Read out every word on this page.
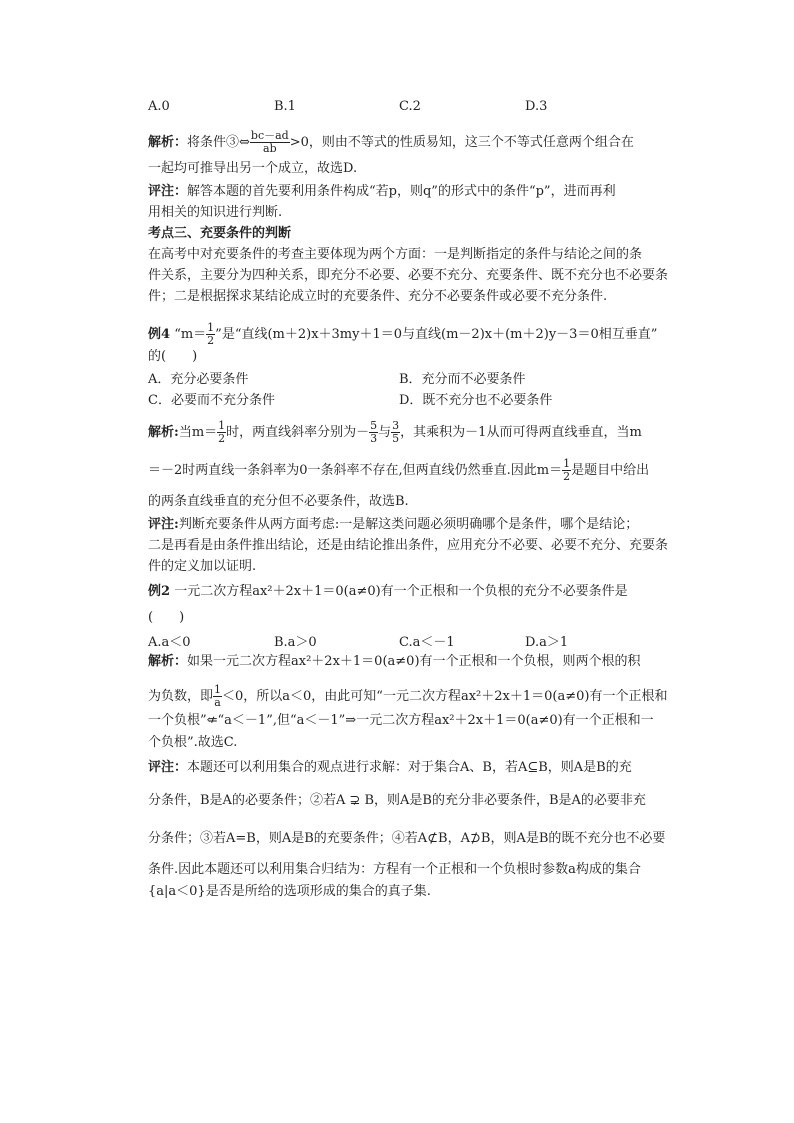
A.0	B.1	C.2	D.3
解析：将条件③⇔ $\frac{bc-ad}{ab} >0$，则由不等式的性质易知，这三个不等式任意两个组合在
一起均可推导出另一个成立，故选D.
评注：解答本题的首先要利用条件构成“若p，则q”的形式中的条件“p”，进而再利
用相关的知识进行判断.
考点三、充要条件的判断
在高考中对充要条件的考查主要体现为两个方面：一是判断指定的条件与结论之间的条
件关系，主要分为四种关系，即充分不必要、必要不充分、充要条件、既不充分也不必要条
件；二是根据探求某结论成立时的充要条件、充分不必要条件或必要不充分条件.
例4 “$m= \frac{1}{2}$ ”是“直线(m＋2)x＋3my＋1＝0与直线(m－2)x＋(m＋2)y－3＝0相互垂直”
的(　　)
A．充分必要条件	B．充分而不必要条件
C．必要而不充分条件	D．既不充分也不必要条件
解析:当$m= \frac{1}{2}$ 时，两直线斜率分别为－ $\frac{5}{3}$ 与 $\frac{3}{5}$ ，其乘积为－1从而可得两直线垂直，当m
＝－2时两直线一条斜率为0一条斜率不存在,但两直线仍然垂直.因此$m= \frac{1}{2}$ 是题目中给出
的两条直线垂直的充分但不必要条件，故选B.
评注:判断充要条件从两方面考虑:一是解这类问题必须明确哪个是条件，哪个是结论；
二是再看是由条件推出结论，还是由结论推出条件，应用充分不必要、必要不充分、充要条
件的定义加以证明.
例2 一元二次方程ax²＋2x＋1＝0(a≠0)有一个正根和一个负根的充分不必要条件是
(　　)
A.a＜0	B.a＞0	C.a＜－1	D.a＞1
解析：如果一元二次方程ax²＋2x＋1＝0(a≠0)有一个正根和一个负根，则两个根的积
为负数，即 $\frac{1}{a} <0$，所以a＜0，由此可知“一元二次方程ax²＋2x＋1＝0(a≠0)有一个正根和
一个负根”⇍“a＜－1”,但“a＜－1”⇒一元二次方程ax²＋2x＋1＝0(a≠0)有一个正根和一
个负根”.故选C.
评注：本题还可以利用集合的观点进行求解：对于集合A、B，若A⊆B，则A是B的充
分条件，B是A的必要条件；②若A ⊋ B，则A是B的充分非必要条件，B是A的必要非充
分条件；③若A=B，则A是B的充要条件；④若A⊄B，A⊅B，则A是B的既不充分也不必要
条件.因此本题还可以利用集合归结为：方程有一个正根和一个负根时参数a构成的集合
{a|a＜0}是否是所给的选项形成的集合的真子集.
